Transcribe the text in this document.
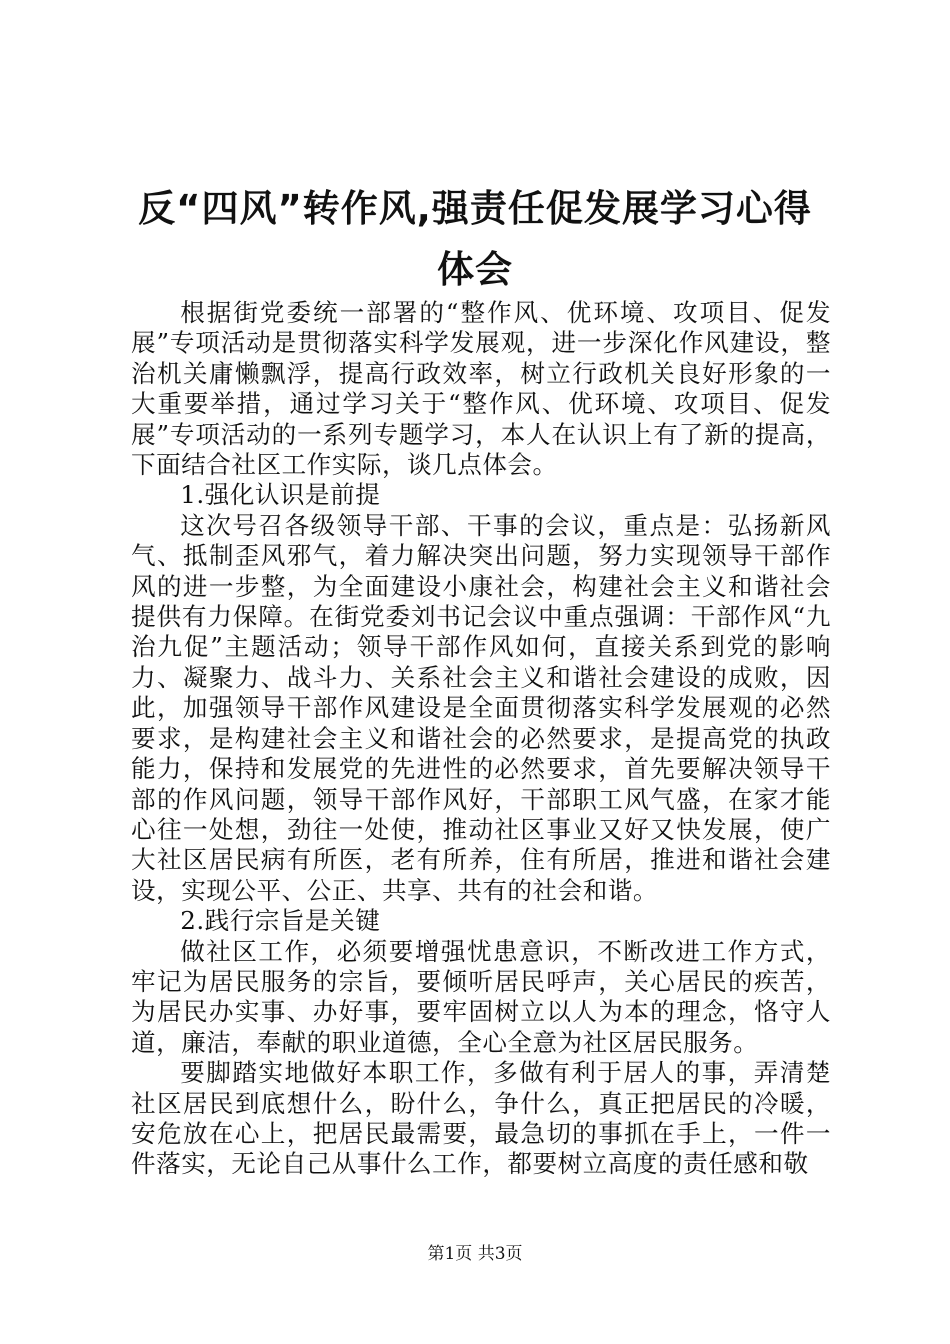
反“四风”转作风,强责任促发展学习心得体会

根据街党委统一部署的“整作风、优环境、攻项目、促发展”专项活动是贯彻落实科学发展观，进一步深化作风建设，整治机关庸懒飘浮，提高行政效率，树立行政机关良好形象的一大重要举措，通过学习关于“整作风、优环境、攻项目、促发展”专项活动的一系列专题学习，本人在认识上有了新的提高，下面结合社区工作实际，谈几点体会。

1.强化认识是前提

这次号召各级领导干部、干事的会议，重点是：弘扬新风气、抵制歪风邪气，着力解决突出问题，努力实现领导干部作风的进一步整，为全面建设小康社会，构建社会主义和谐社会提供有力保障。在街党委刘书记会议中重点强调：干部作风“九治九促”主题活动；领导干部作风如何，直接关系到党的影响力、凝聚力、战斗力、关系社会主义和谐社会建设的成败，因此，加强领导干部作风建设是全面贯彻落实科学发展观的必然要求，是构建社会主义和谐社会的必然要求，是提高党的执政能力，保持和发展党的先进性的必然要求，首先要解决领导干部的作风问题，领导干部作风好，干部职工风气盛，在家才能心往一处想，劲往一处使，推动社区事业又好又快发展，使广大社区居民病有所医，老有所养，住有所居，推进和谐社会建设，实现公平、公正、共享、共有的社会和谐。

2.践行宗旨是关键

做社区工作，必须要增强忧患意识，不断改进工作方式，牢记为居民服务的宗旨，要倾听居民呼声，关心居民的疾苦，为居民办实事、办好事，要牢固树立以人为本的理念，恪守人道，廉洁，奉献的职业道德，全心全意为社区居民服务。

要脚踏实地做好本职工作，多做有利于居人的事，弄清楚社区居民到底想什么，盼什么，争什么，真正把居民的冷暖，安危放在心上，把居民最需要，最急切的事抓在手上，一件一件落实，无论自己从事什么工作，都要树立高度的责任感和敬

第1页 共3页
